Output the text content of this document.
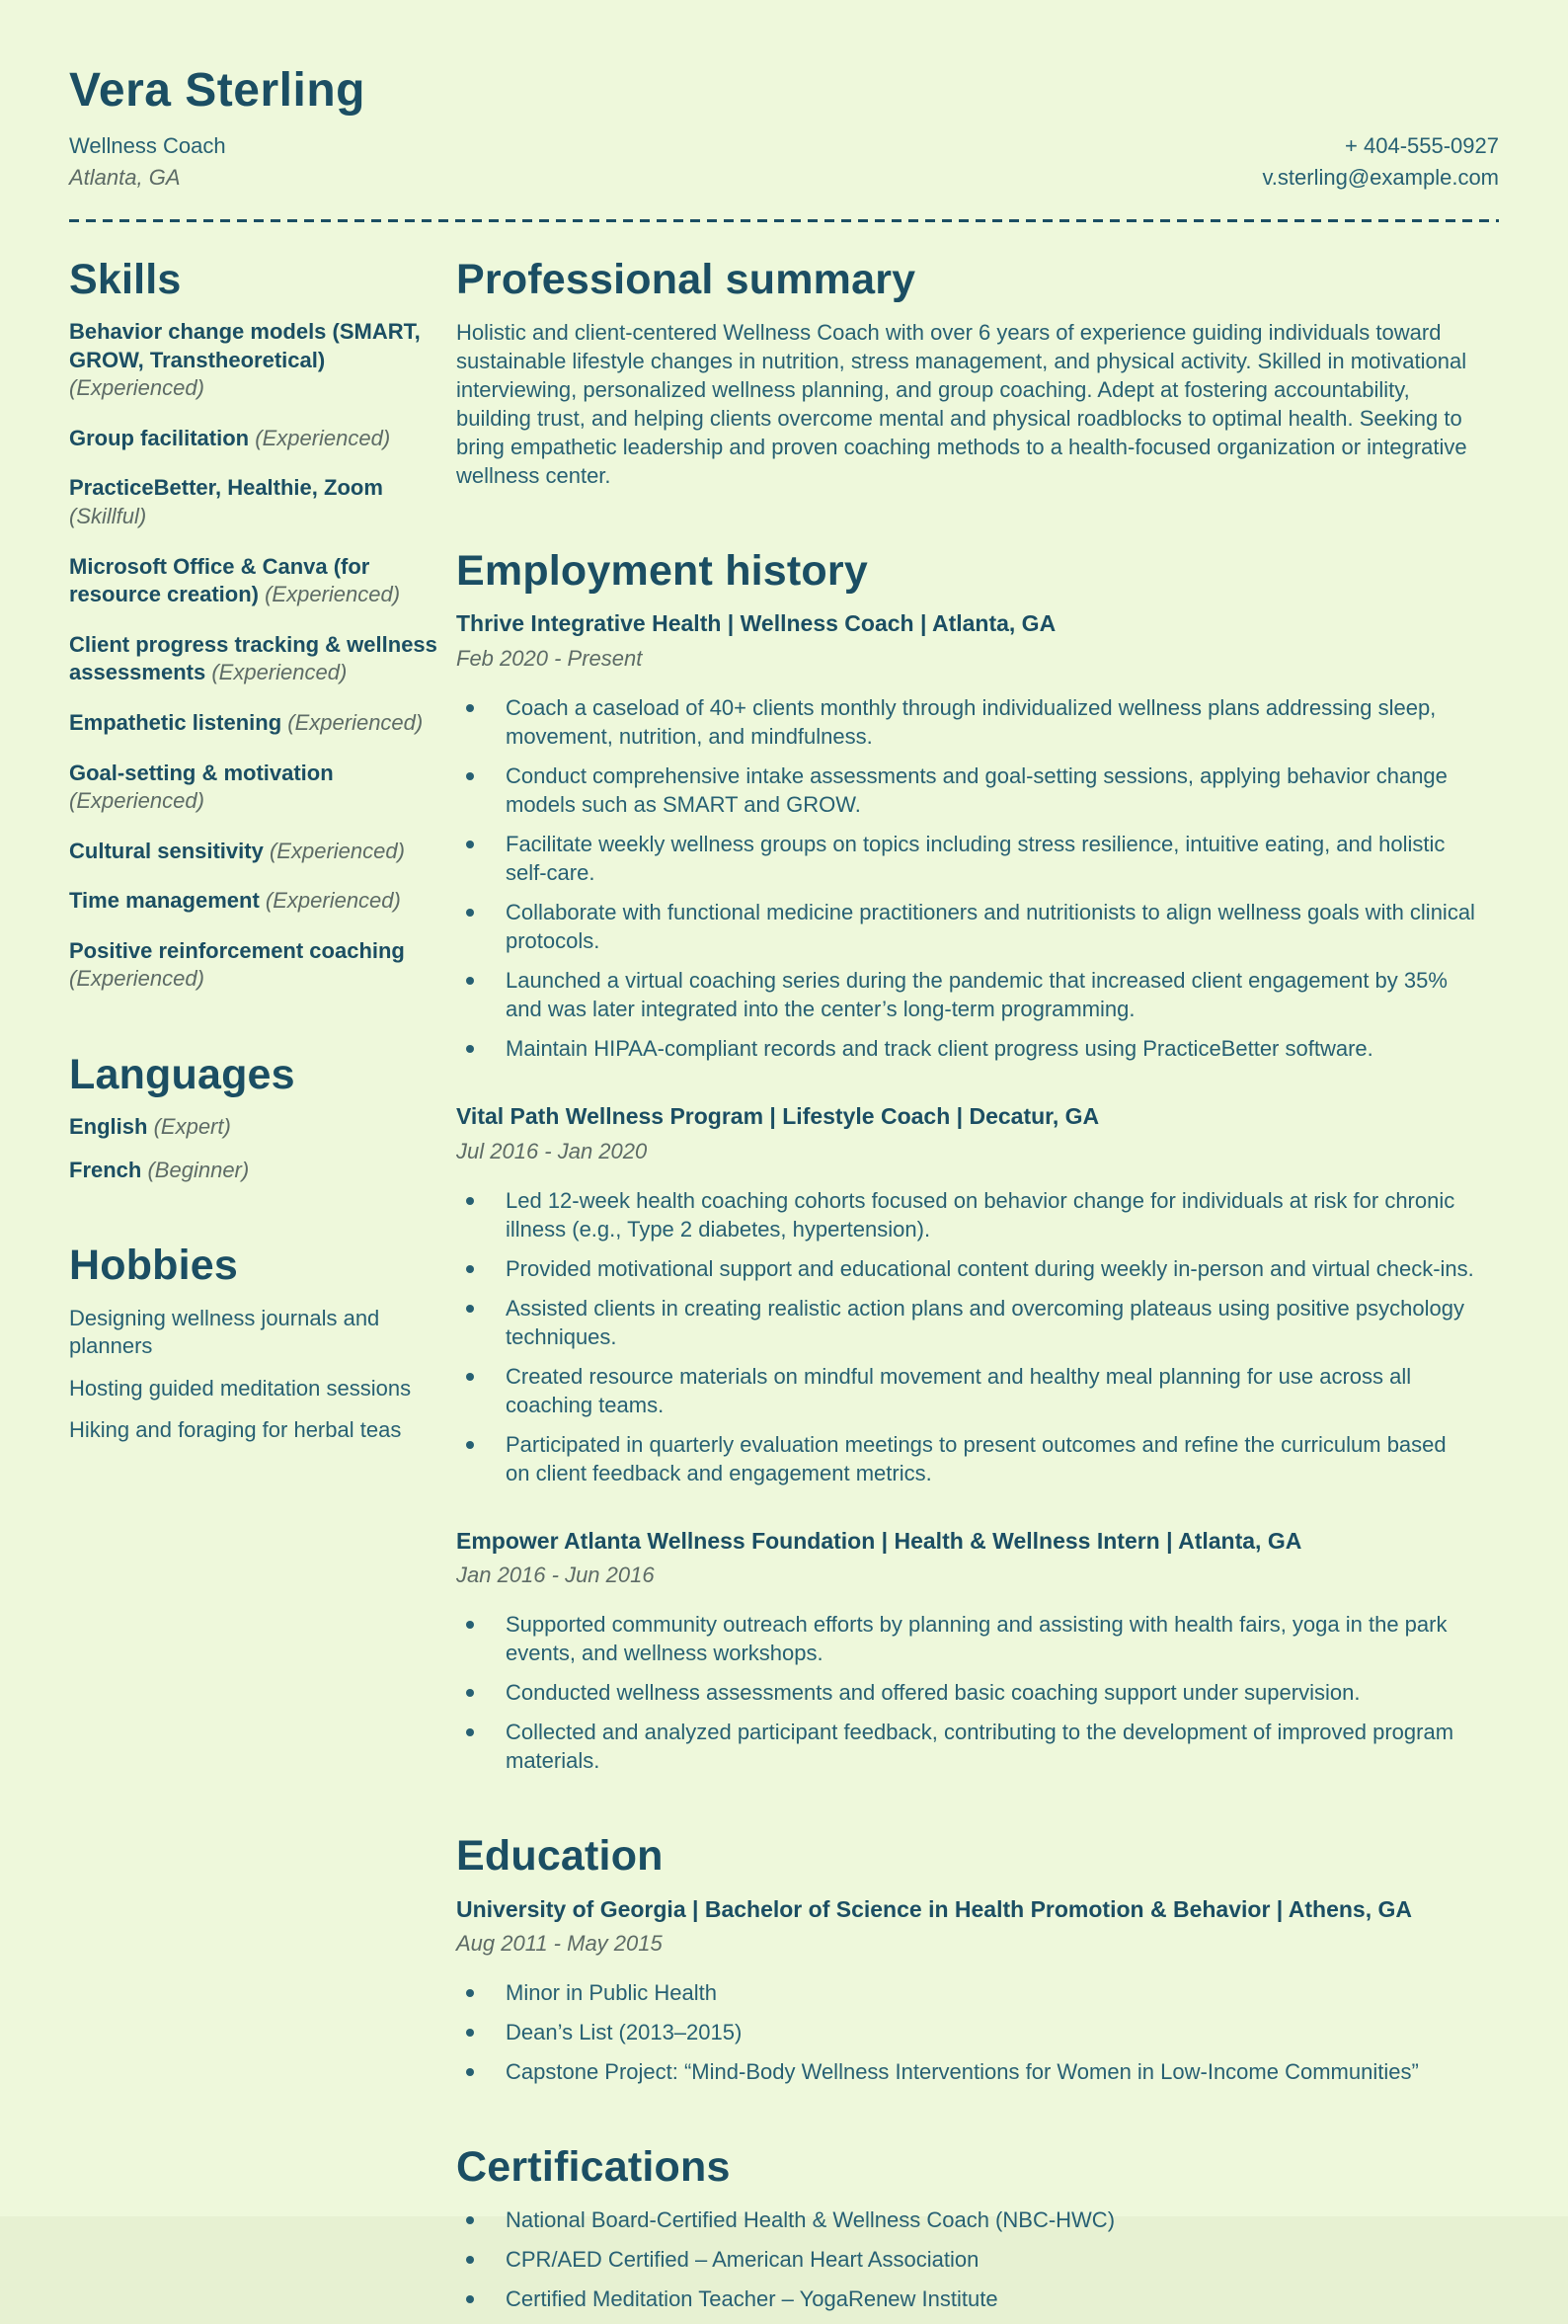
Vera Sterling
Wellness Coach	+ 404-555-0927
Atlanta, GA	v.sterling@example.com
Skills
Behavior change models (SMART, GROW, Transtheoretical) (Experienced)
Group facilitation (Experienced)
PracticeBetter, Healthie, Zoom (Skillful)
Microsoft Office & Canva (for resource creation) (Experienced)
Client progress tracking & wellness assessments (Experienced)
Empathetic listening (Experienced)
Goal-setting & motivation (Experienced)
Cultural sensitivity (Experienced)
Time management (Experienced)
Positive reinforcement coaching (Experienced)
Languages
English (Expert)
French (Beginner)
Hobbies
Designing wellness journals and planners
Hosting guided meditation sessions
Hiking and foraging for herbal teas
Professional summary

Holistic and client-centered Wellness Coach with over 6 years of experience guiding individuals toward sustainable lifestyle changes in nutrition, stress management, and physical activity. Skilled in motivational interviewing, personalized wellness planning, and group coaching. Adept at fostering accountability, building trust, and helping clients overcome mental and physical roadblocks to optimal health. Seeking to bring empathetic leadership and proven coaching methods to a health-focused organization or integrative wellness center.

Employment history
Thrive Integrative Health | Wellness Coach | Atlanta, GA
Feb 2020 - Present
Coach a caseload of 40+ clients monthly through individualized wellness plans addressing sleep, movement, nutrition, and mindfulness.
Conduct comprehensive intake assessments and goal-setting sessions, applying behavior change models such as SMART and GROW.
Facilitate weekly wellness groups on topics including stress resilience, intuitive eating, and holistic self-care.
Collaborate with functional medicine practitioners and nutritionists to align wellness goals with clinical protocols.
Launched a virtual coaching series during the pandemic that increased client engagement by 35% and was later integrated into the center’s long-term programming.
Maintain HIPAA-compliant records and track client progress using PracticeBetter software.
Vital Path Wellness Program | Lifestyle Coach | Decatur, GA
Jul 2016 - Jan 2020
Led 12-week health coaching cohorts focused on behavior change for individuals at risk for chronic illness (e.g., Type 2 diabetes, hypertension).
Provided motivational support and educational content during weekly in-person and virtual check-ins.
Assisted clients in creating realistic action plans and overcoming plateaus using positive psychology techniques.
Created resource materials on mindful movement and healthy meal planning for use across all coaching teams.
Participated in quarterly evaluation meetings to present outcomes and refine the curriculum based on client feedback and engagement metrics.
Empower Atlanta Wellness Foundation | Health & Wellness Intern | Atlanta, GA
Jan 2016 - Jun 2016
Supported community outreach efforts by planning and assisting with health fairs, yoga in the park events, and wellness workshops.
Conducted wellness assessments and offered basic coaching support under supervision.
Collected and analyzed participant feedback, contributing to the development of improved program materials.
Education
University of Georgia | Bachelor of Science in Health Promotion & Behavior | Athens, GA
Aug 2011 - May 2015
Minor in Public Health
Dean’s List (2013–2015)
Capstone Project: “Mind-Body Wellness Interventions for Women in Low-Income Communities”
Certifications
National Board-Certified Health & Wellness Coach (NBC-HWC)
CPR/AED Certified – American Heart Association
Certified Meditation Teacher – YogaRenew Institute
